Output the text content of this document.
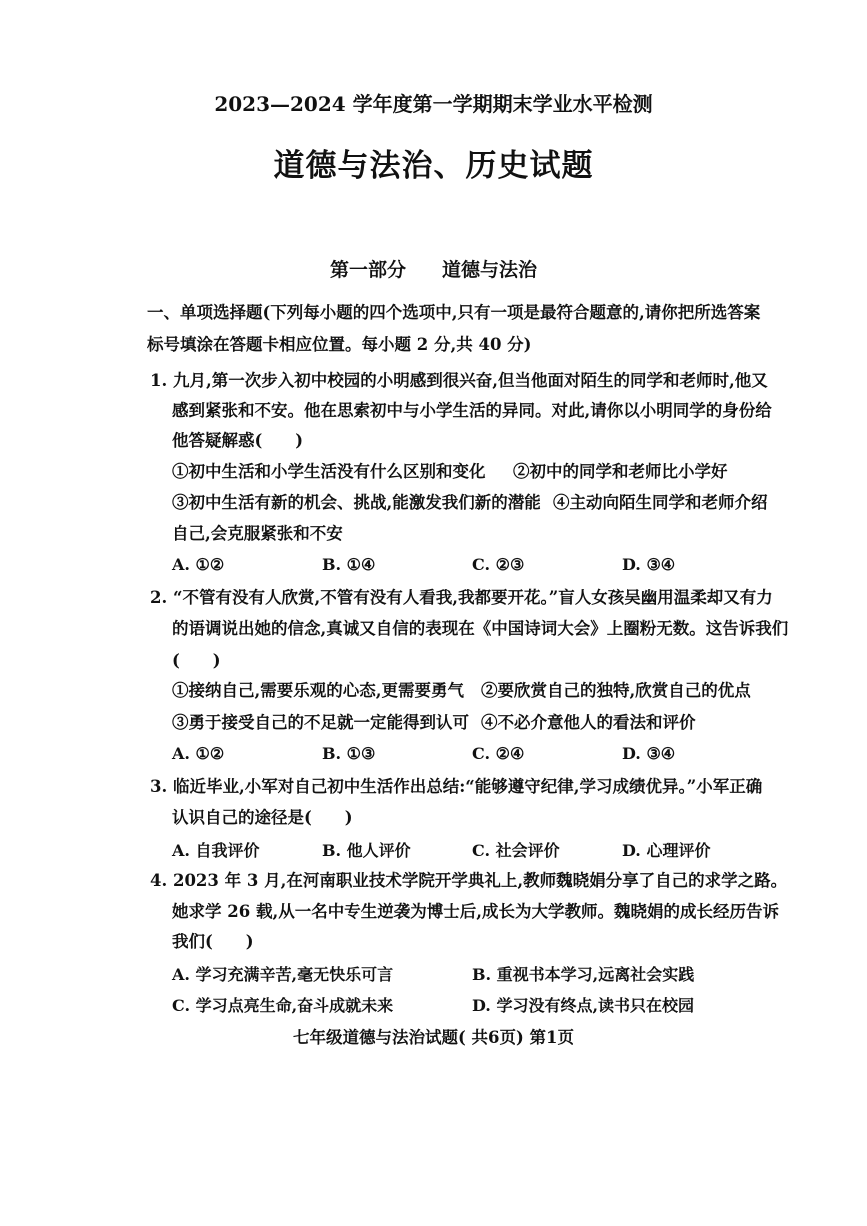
2023—2024 学年度第一学期期末学业水平检测
道德与法治、历史试题
第一部分 道德与法治
一、单项选择题(下列每小题的四个选项中,只有一项是最符合题意的,请你把所选答案
标号填涂在答题卡相应位置。每小题 2 分,共 40 分)
1. 九月,第一次步入初中校园的小明感到很兴奋,但当他面对陌生的同学和老师时,他又
感到紧张和不安。他在思索初中与小学生活的异同。对此,请你以小明同学的身份给
他答疑解惑(　　)
①初中生活和小学生活没有什么区别和变化 ②初中的同学和老师比小学好
③初中生活有新的机会、挑战,能激发我们新的潜能 ④主动向陌生同学和老师介绍
自己,会克服紧张和不安
A. ①②	B. ①④	C. ②③	D. ③④
2. “不管有没有人欣赏,不管有没有人看我,我都要开花。”盲人女孩吴幽用温柔却又有力
的语调说出她的信念,真诚又自信的表现在《中国诗词大会》上圈粉无数。这告诉我们
(　　)
①接纳自己,需要乐观的心态,更需要勇气 ②要欣赏自己的独特,欣赏自己的优点
③勇于接受自己的不足就一定能得到认可 ④不必介意他人的看法和评价
A. ①②	B. ①③	C. ②④	D. ③④
3. 临近毕业,小军对自己初中生活作出总结:“能够遵守纪律,学习成绩优异。”小军正确
认识自己的途径是(　　)
A. 自我评价	B. 他人评价	C. 社会评价	D. 心理评价
4. 2023 年 3 月,在河南职业技术学院开学典礼上,教师魏晓娟分享了自己的求学之路。
她求学 26 载,从一名中专生逆袭为博士后,成长为大学教师。魏晓娟的成长经历告诉
我们(　　)
A. 学习充满辛苦,毫无快乐可言	B. 重视书本学习,远离社会实践
C. 学习点亮生命,奋斗成就未来	D. 学习没有终点,读书只在校园
七年级道德与法治试题( 共6页) 第1页
